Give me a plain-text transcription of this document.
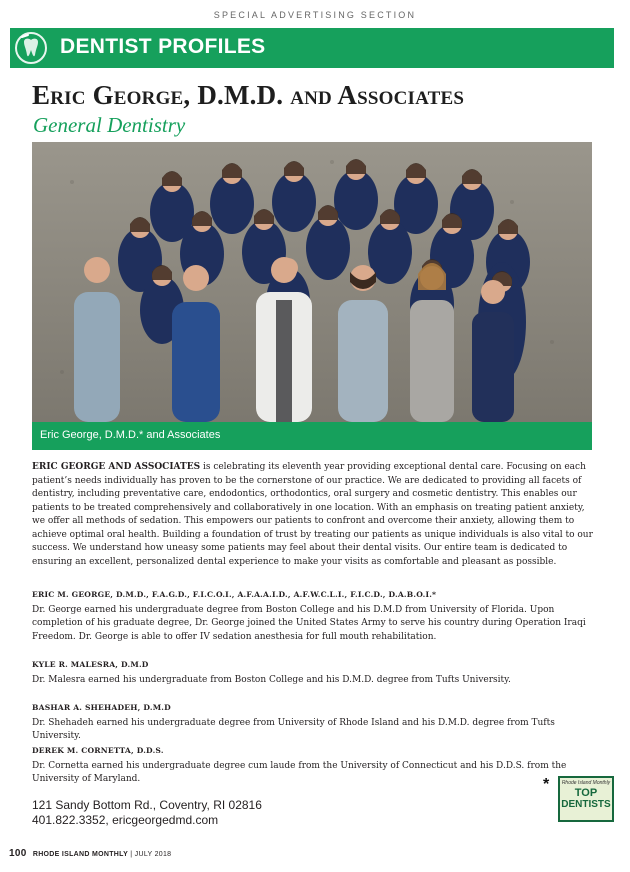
SPECIAL ADVERTISING SECTION
DENTIST PROFILES
Eric George, D.M.D. and Associates
General Dentistry
Eric George, D.M.D.* and Associates
ERIC GEORGE AND ASSOCIATES is celebrating its eleventh year providing exceptional dental care. Focusing on each patient’s needs individually has proven to be the cornerstone of our practice. We are dedicated to providing all facets of dentistry, including preventative care, endodontics, orthodontics, oral surgery and cosmetic dentistry. This enables our patients to be treated comprehensively and collaboratively in one location. With an emphasis on treating patient anxiety, we offer all methods of sedation. This empowers our patients to confront and overcome their anxiety, allowing them to achieve optimal oral health. Building a foundation of trust by treating our patients as unique individuals is also vital to our success. We understand how uneasy some patients may feel about their dental visits. Our entire team is dedicated to ensuring an excellent, personalized dental experience to make your visits as comfortable and pleasant as possible.
ERIC M. GEORGE, D.M.D., F.A.G.D., F.I.C.O.I., A.F.A.A.I.D., A.F.W.C.L.I., F.I.C.D., D.A.B.O.I.*
Dr. George earned his undergraduate degree from Boston College and his D.M.D from University of Florida. Upon completion of his graduate degree, Dr. George joined the United States Army to serve his country during Operation Iraqi Freedom. Dr. George is able to offer IV sedation anesthesia for full mouth rehabilitation.
KYLE R. MALESRA, D.M.D
Dr. Malesra earned his undergraduate from Boston College and his D.M.D. degree from Tufts University.
BASHAR A. SHEHADEH, D.M.D
Dr. Shehadeh earned his undergraduate degree from University of Rhode Island and his D.M.D. degree from Tufts University.
DEREK M. CORNETTA, D.D.S.
Dr. Cornetta earned his undergraduate degree cum laude from the University of Connecticut and his D.D.S. from the University of Maryland.
121 Sandy Bottom Rd., Coventry, RI 02816
401.822.3352, ericgeorgedmd.com
*	Rhode Island Monthly
TOP
DENTISTS
100 RHODE ISLAND MONTHLY | JULY 2018
